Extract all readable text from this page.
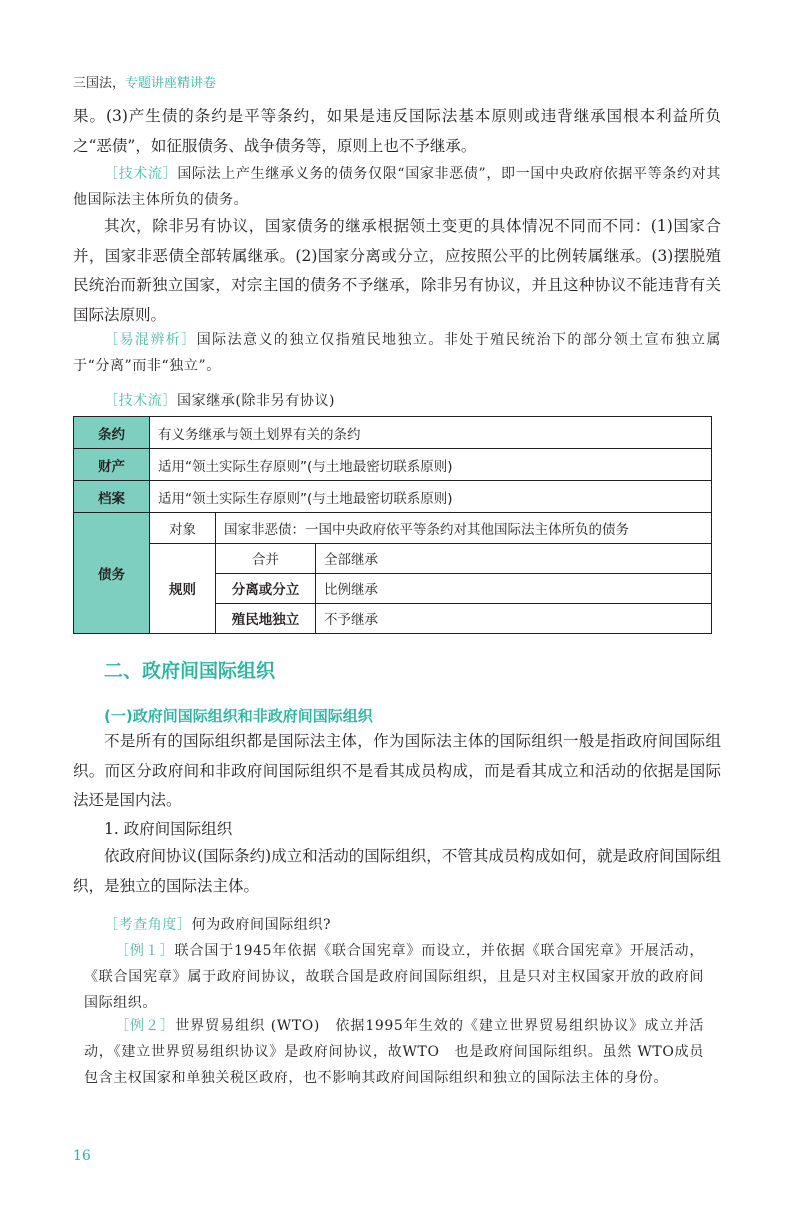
三国法，专题讲座精讲卷
果。(3)产生债的条约是平等条约，如果是违反国际法基本原则或违背继承国根本利益所负之“恶债”，如征服债务、战争债务等，原则上也不予继承。
［技术流］国际法上产生继承义务的债务仅限“国家非恶债”，即一国中央政府依据平等条约对其他国际法主体所负的债务。
其次，除非另有协议，国家债务的继承根据领土变更的具体情况不同而不同：(1)国家合并，国家非恶债全部转属继承。(2)国家分离或分立，应按照公平的比例转属继承。(3)摆脱殖民统治而新独立国家，对宗主国的债务不予继承，除非另有协议，并且这种协议不能违背有关国际法原则。
［易混辨析］国际法意义的独立仅指殖民地独立。非处于殖民统治下的部分领土宣布独立属于“分离”而非“独立”。
［技术流］国家继承(除非另有协议)
条约	有义务继承与领土划界有关的条约		
财产	适用“领土实际生存原则”(与土地最密切联系原则)		
档案	适用“领土实际生存原则”(与土地最密切联系原则)		
债务	对象	国家非恶债：一国中央政府依平等条约对其他国际法主体所负的债务	
	规则	合并	全部继承
		分离或分立	比例继承
		殖民地独立	不予继承
二、政府间国际组织
(一)政府间国际组织和非政府间国际组织
不是所有的国际组织都是国际法主体，作为国际法主体的国际组织一般是指政府间国际组织。而区分政府间和非政府间国际组织不是看其成员构成，而是看其成立和活动的依据是国际法还是国内法。
1. 政府间国际组织
依政府间协议(国际条约)成立和活动的国际组织，不管其成员构成如何，就是政府间国际组织，是独立的国际法主体。
［考查角度］何为政府间国际组织?
［例１］联合国于1945年依据《联合国宪章》而设立，并依据《联合国宪章》开展活动，《联合国宪章》属于政府间协议，故联合国是政府间国际组织，且是只对主权国家开放的政府间国际组织。
［例２］世界贸易组织 (WTO)　依据1995年生效的《建立世界贸易组织协议》成立并活动，《建立世界贸易组织协议》是政府间协议，故WTO　也是政府间国际组织。虽然 WTO成员包含主权国家和单独关税区政府，也不影响其政府间国际组织和独立的国际法主体的身份。
16
